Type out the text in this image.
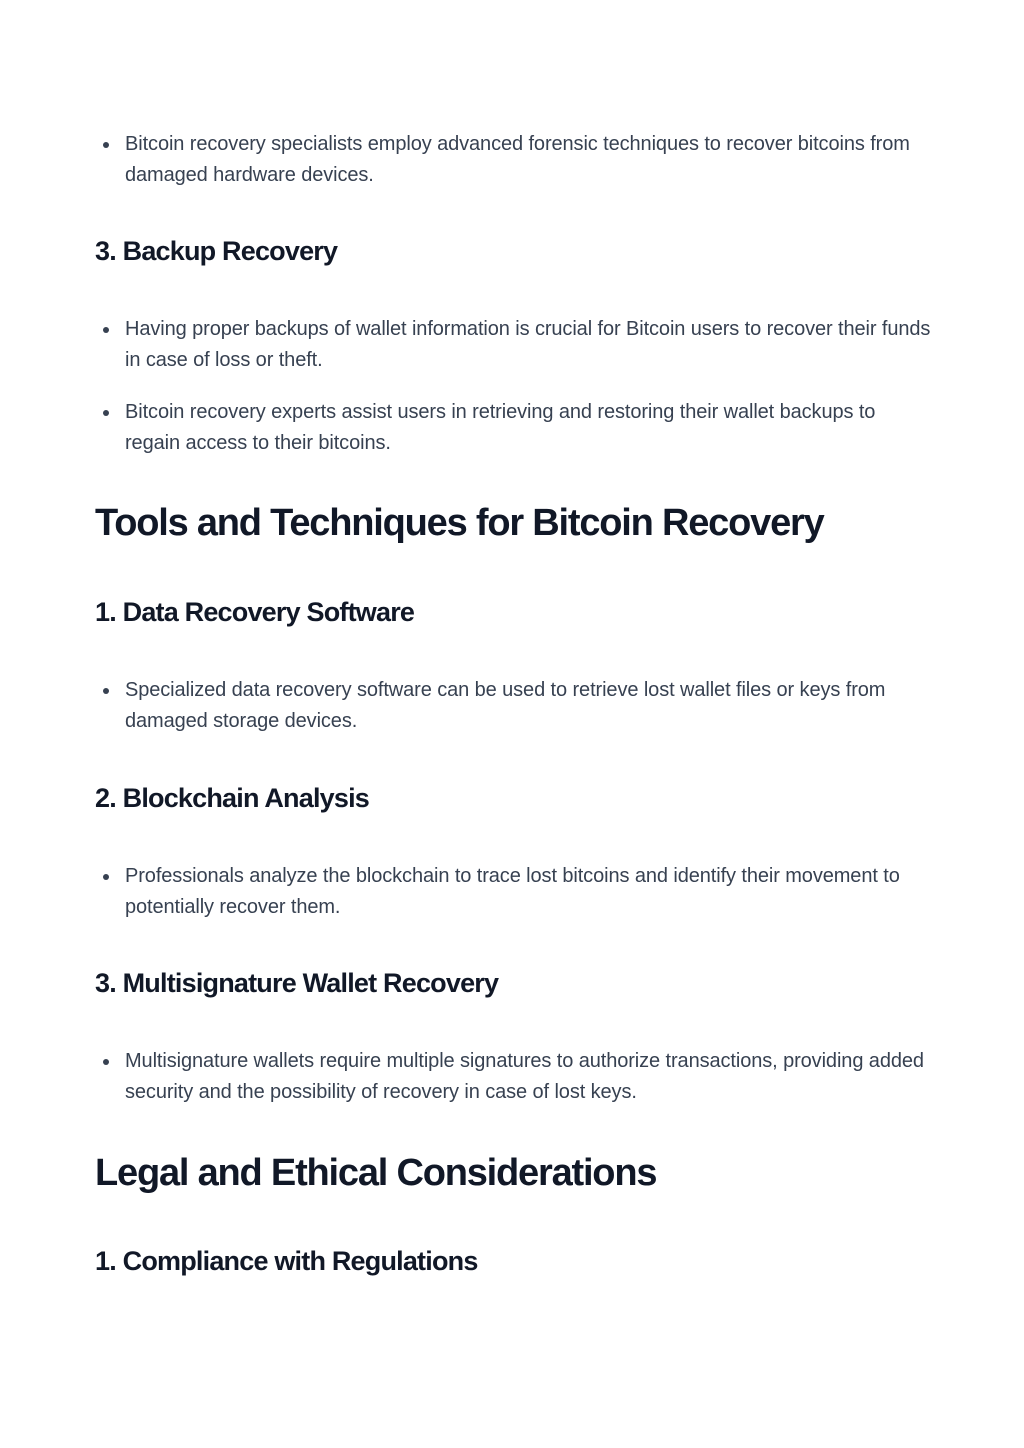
Bitcoin recovery specialists employ advanced forensic techniques to recover bitcoins from damaged hardware devices.
3. Backup Recovery
Having proper backups of wallet information is crucial for Bitcoin users to recover their funds in case of loss or theft.
Bitcoin recovery experts assist users in retrieving and restoring their wallet backups to regain access to their bitcoins.
Tools and Techniques for Bitcoin Recovery
1. Data Recovery Software
Specialized data recovery software can be used to retrieve lost wallet files or keys from damaged storage devices.
2. Blockchain Analysis
Professionals analyze the blockchain to trace lost bitcoins and identify their movement to potentially recover them.
3. Multisignature Wallet Recovery
Multisignature wallets require multiple signatures to authorize transactions, providing added security and the possibility of recovery in case of lost keys.
Legal and Ethical Considerations
1. Compliance with Regulations
